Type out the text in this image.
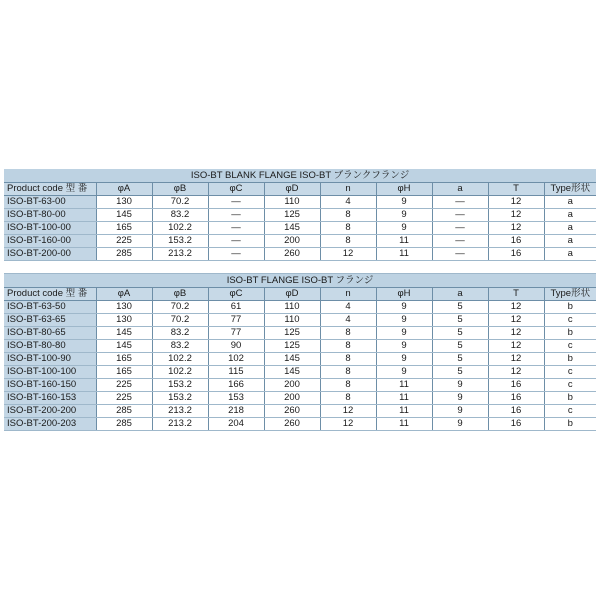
ISO-BT BLANK FLANGE ISO-BT ブランクフランジ									
Product code 型 番	φA	φB	φC	φD	n	φH	a	T	Type形状
ISO-BT-63-00	130	70.2	—	110	4	9	—	12	a
ISO-BT-80-00	145	83.2	—	125	8	9	—	12	a
ISO-BT-100-00	165	102.2	—	145	8	9	—	12	a
ISO-BT-160-00	225	153.2	—	200	8	11	—	16	a
ISO-BT-200-00	285	213.2	—	260	12	11	—	16	a

ISO-BT FLANGE ISO-BT フランジ									
Product code 型 番	φA	φB	φC	φD	n	φH	a	T	Type形状
ISO-BT-63-50	130	70.2	61	110	4	9	5	12	b
ISO-BT-63-65	130	70.2	77	110	4	9	5	12	c
ISO-BT-80-65	145	83.2	77	125	8	9	5	12	b
ISO-BT-80-80	145	83.2	90	125	8	9	5	12	c
ISO-BT-100-90	165	102.2	102	145	8	9	5	12	b
ISO-BT-100-100	165	102.2	115	145	8	9	5	12	c
ISO-BT-160-150	225	153.2	166	200	8	11	9	16	c
ISO-BT-160-153	225	153.2	153	200	8	11	9	16	b
ISO-BT-200-200	285	213.2	218	260	12	11	9	16	c
ISO-BT-200-203	285	213.2	204	260	12	11	9	16	b
